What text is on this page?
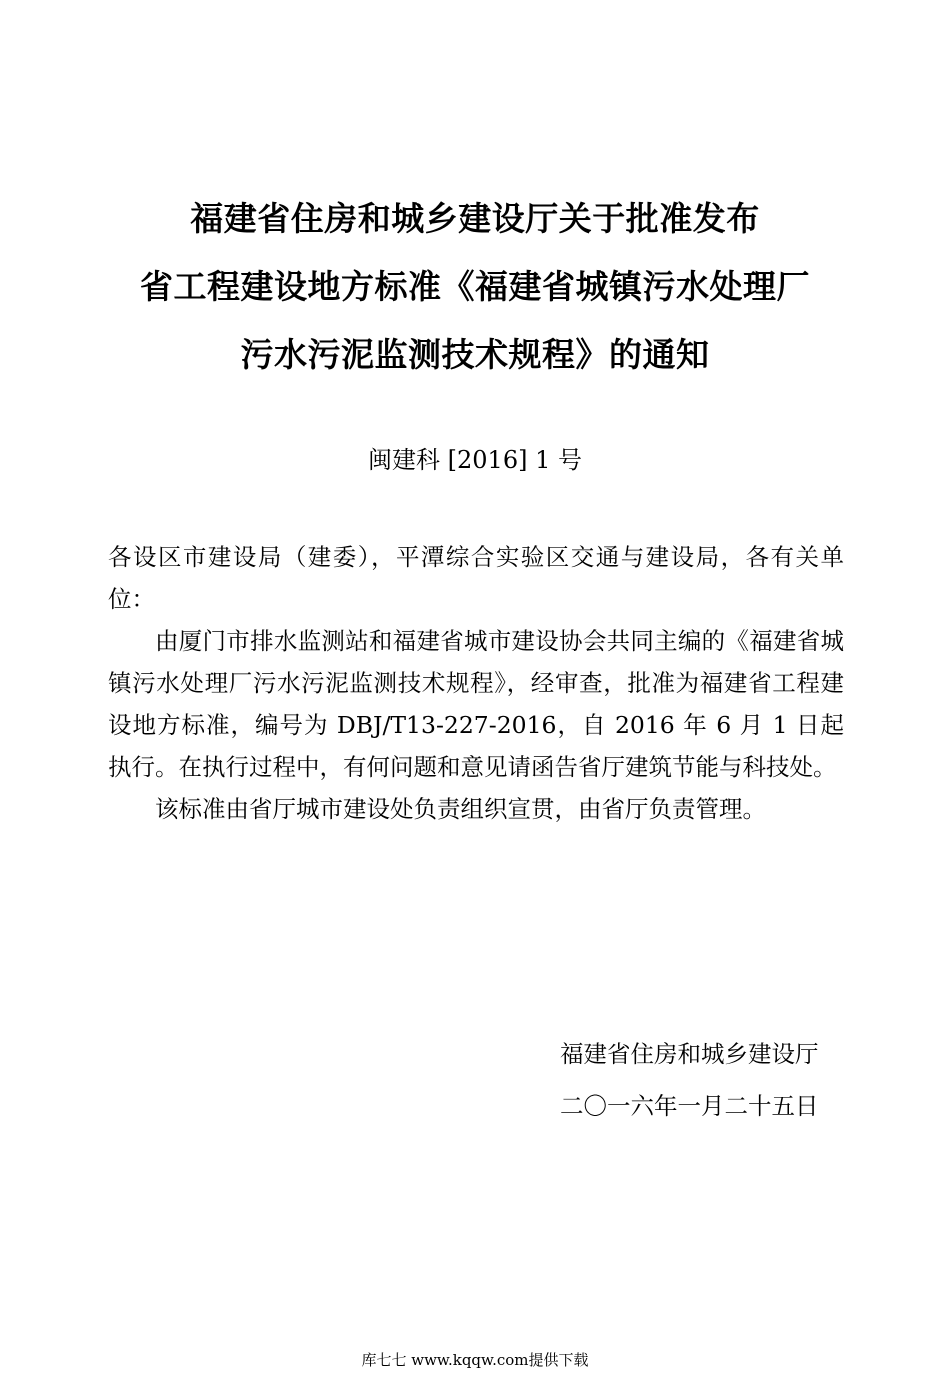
福建省住房和城乡建设厅关于批准发布
省工程建设地方标准《福建省城镇污水处理厂
污水污泥监测技术规程》的通知
闽建科 [2016] 1 号

各设区市建设局（建委），平潭综合实验区交通与建设局，各有关单位：

由厦门市排水监测站和福建省城市建设协会共同主编的《福建省城镇污水处理厂污水污泥监测技术规程》，经审查，批准为福建省工程建设地方标准，编号为 DBJ/T13-227-2016，自 2016 年 6 月 1 日起执行。在执行过程中，有何问题和意见请函告省厅建筑节能与科技处。

该标准由省厅城市建设处负责组织宣贯，由省厅负责管理。

福建省住房和城乡建设厅
二〇一六年一月二十五日
库七七 www.kqqw.com提供下载
